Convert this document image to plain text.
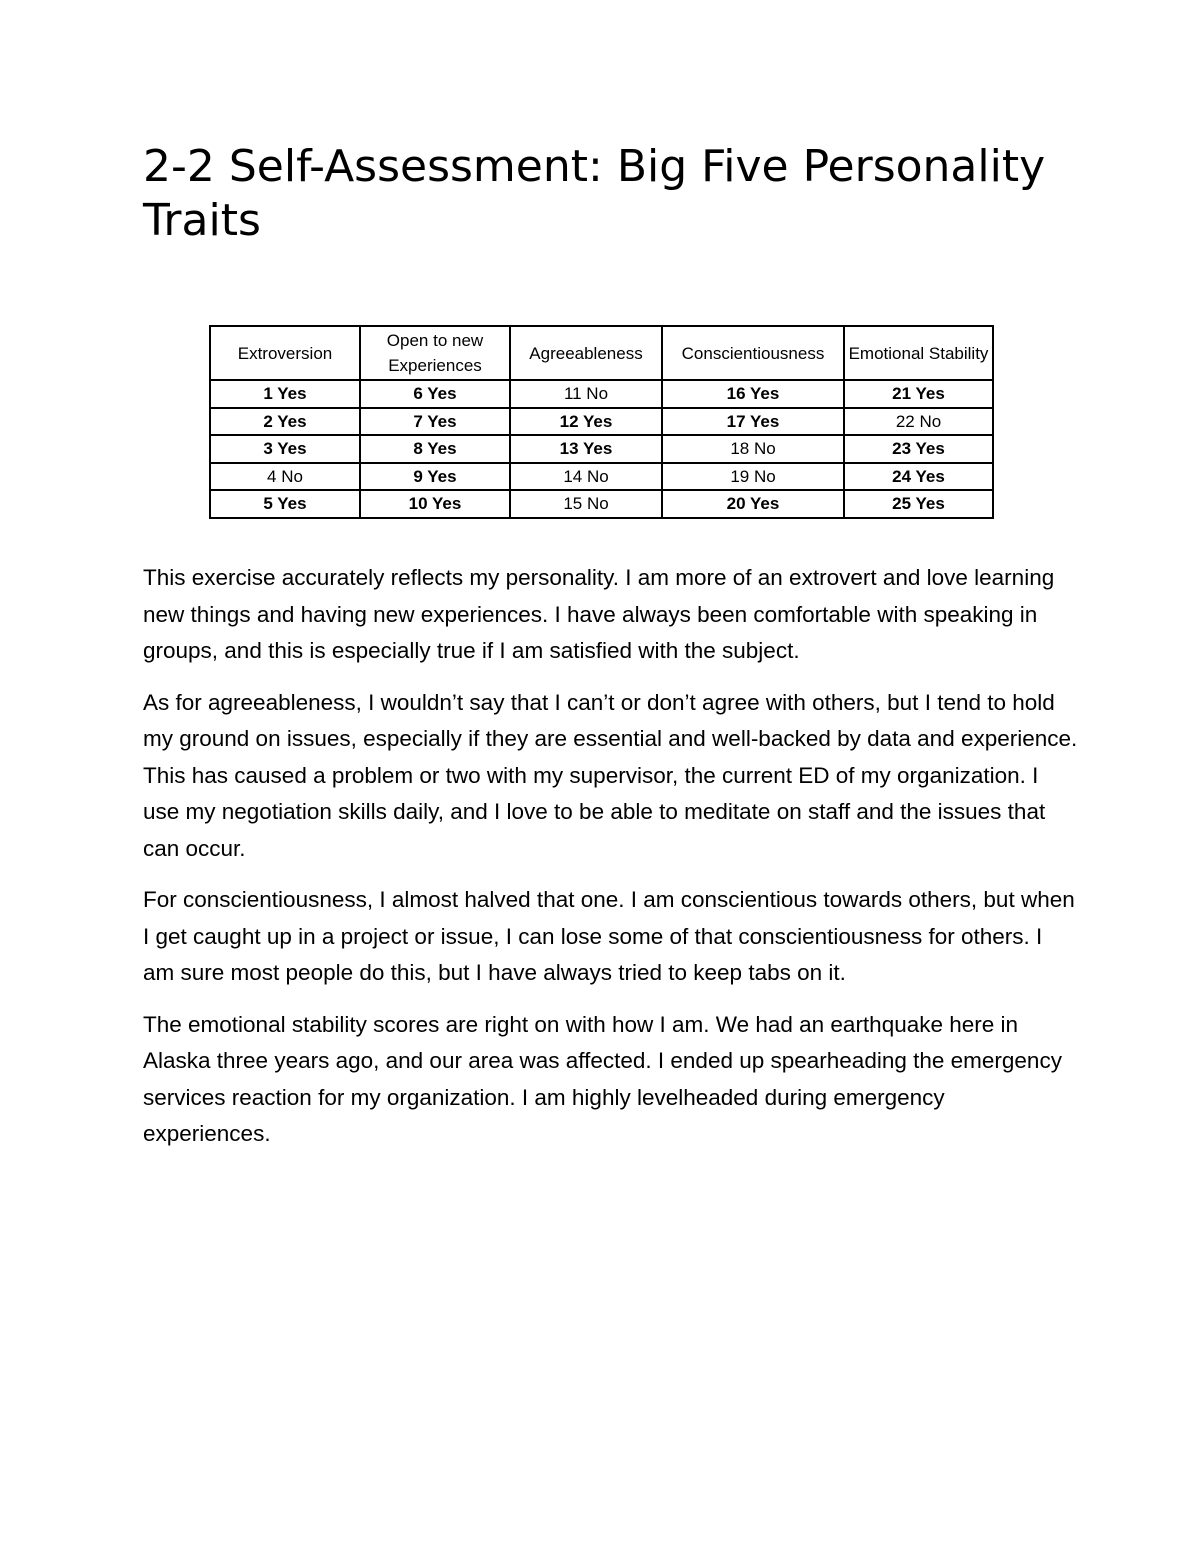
2-2 Self-Assessment: Big Five Personality Traits
Extroversion	Open to new Experiences	Agreeableness	Conscientiousness	Emotional Stability
1 Yes	6 Yes	11 No	16 Yes	21 Yes
2 Yes	7 Yes	12 Yes	17 Yes	22 No
3 Yes	8 Yes	13 Yes	18 No	23 Yes
4 No	9 Yes	14 No	19 No	24 Yes
5 Yes	10 Yes	15 No	20 Yes	25 Yes

This exercise accurately reflects my personality. I am more of an extrovert and love learning new things and having new experiences. I have always been comfortable with speaking in groups, and this is especially true if I am satisfied with the subject.

As for agreeableness, I wouldn’t say that I can’t or don’t agree with others, but I tend to hold my ground on issues, especially if they are essential and well-backed by data and experience. This has caused a problem or two with my supervisor, the current ED of my organization. I use my negotiation skills daily, and I love to be able to meditate on staff and the issues that can occur.

For conscientiousness, I almost halved that one. I am conscientious towards others, but when I get caught up in a project or issue, I can lose some of that conscientiousness for others. I am sure most people do this, but I have always tried to keep tabs on it.

The emotional stability scores are right on with how I am. We had an earthquake here in Alaska three years ago, and our area was affected. I ended up spearheading the emergency services reaction for my organization. I am highly levelheaded during emergency experiences.
